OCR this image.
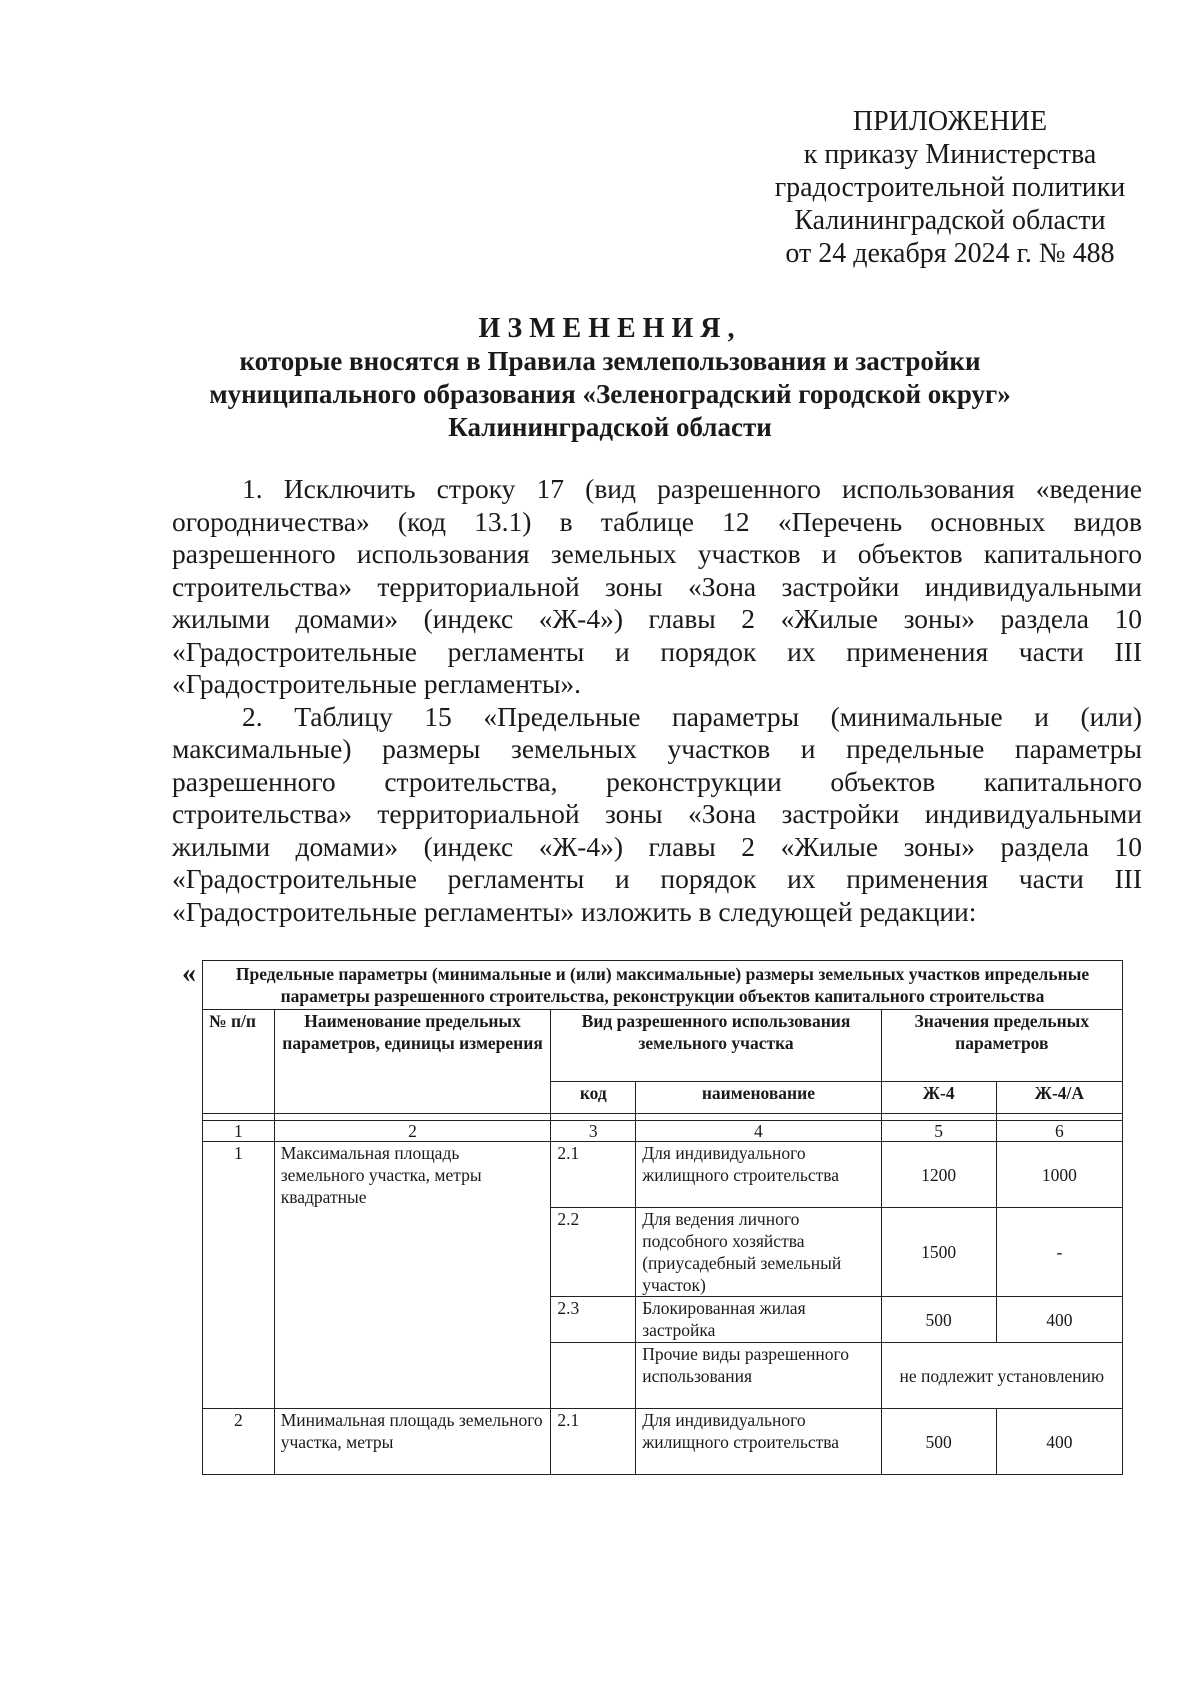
ПРИЛОЖЕНИЕ
к приказу Министерства
градостроительной политики
Калининградской области
от 24 декабря 2024 г. № 488
ИЗМЕНЕНИЯ,
которые вносятся в Правила землепользования и застройки
муниципального образования «Зеленоградский городской округ»
Калининградской области

1. Исключить строку 17 (вид разрешенного использования «ведение огородничества» (код 13.1) в таблице 12 «Перечень основных видов разрешенного использования земельных участков и объектов капитального строительства» территориальной зоны «Зона застройки индивидуальными жилыми домами» (индекс «Ж-4») главы 2 «Жилые зоны» раздела 10 «Градостроительные регламенты и порядок их применения части III «Градостроительные регламенты».

2. Таблицу 15 «Предельные параметры (минимальные и (или) максимальные) размеры земельных участков и предельные параметры разрешенного строительства, реконструкции объектов капитального строительства» территориальной зоны «Зона застройки индивидуальными жилыми домами» (индекс «Ж-4») главы 2 «Жилые зоны» раздела 10 «Градостроительные регламенты и порядок их применения части III «Градостроительные регламенты» изложить в следующей редакции:

« Предельные параметры (минимальные и (или) максимальные) размеры земельных участков ипредельные параметры разрешенного строительства, реконструкции объектов капитального строительства					
№ п/п	Наименование предельных параметров, единицы измерения	Вид разрешенного использования земельного участка		Значения предельных параметров	
		код	наименование	Ж-4	Ж-4/А

1	2	3	4	5	6
1	Максимальная площадь земельного участка, метры квадратные	2.1	Для индивидуального жилищного строительства	1200	1000
		2.2	Для ведения личного подсобного хозяйства (приусадебный земельный участок)	1500	-
		2.3	Блокированная жилая застройка	500	400
			Прочие виды разрешенного использования	не подлежит установлению	
2	Минимальная площадь земельного участка, метры	2.1	Для индивидуального жилищного строительства	500	400
